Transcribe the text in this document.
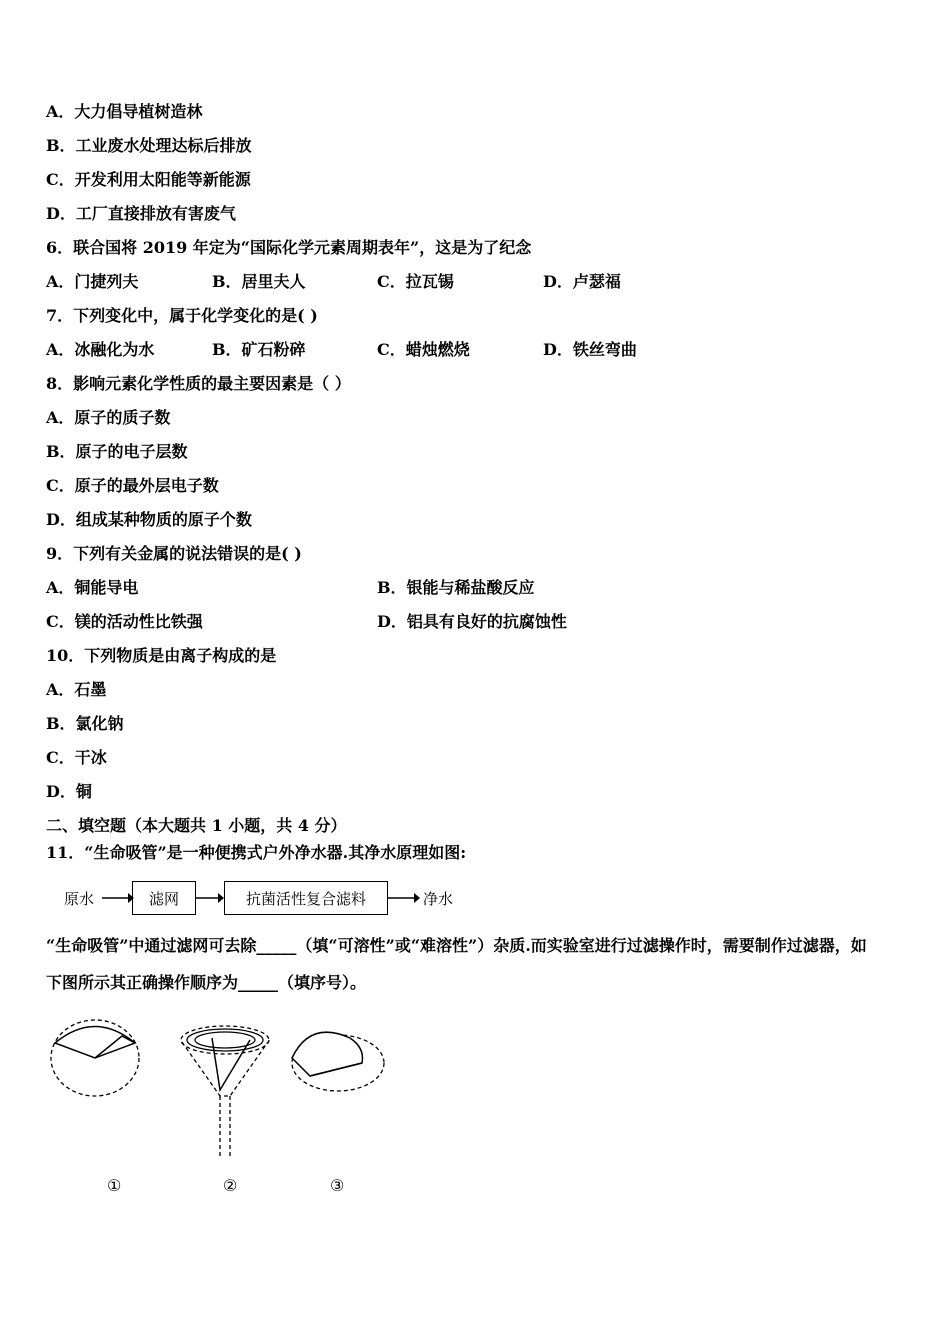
A．大力倡导植树造林
B．工业废水处理达标后排放
C．开发利用太阳能等新能源
D．工厂直接排放有害废气
6．联合国将 2019 年定为“国际化学元素周期表年”，这是为了纪念
A．门捷列夫	B．居里夫人	C．拉瓦锡	D．卢瑟福
7．下列变化中，属于化学变化的是( )
A．冰融化为水	B．矿石粉碎	C．蜡烛燃烧	D．铁丝弯曲
8．影响元素化学性质的最主要因素是（ ）
A．原子的质子数
B．原子的电子层数
C．原子的最外层电子数
D．组成某种物质的原子个数
9．下列有关金属的说法错误的是( )
A．铜能导电	B．银能与稀盐酸反应
C．镁的活动性比铁强	D．铝具有良好的抗腐蚀性
10．下列物质是由离子构成的是
A．石墨
B．氯化钠
C．干冰
D．铜
二、填空题（本大题共 1 小题，共 4 分）
11．“生命吸管”是一种便携式户外净水器.其净水原理如图:
原水	滤网	抗菌活性复合滤料	净水
“生命吸管”中通过滤网可去除_____（填“可溶性”或“难溶性”）杂质.而实验室进行过滤操作时，需要制作过滤器，如
下图所示其正确操作顺序为_____（填序号）。
①	②	③
